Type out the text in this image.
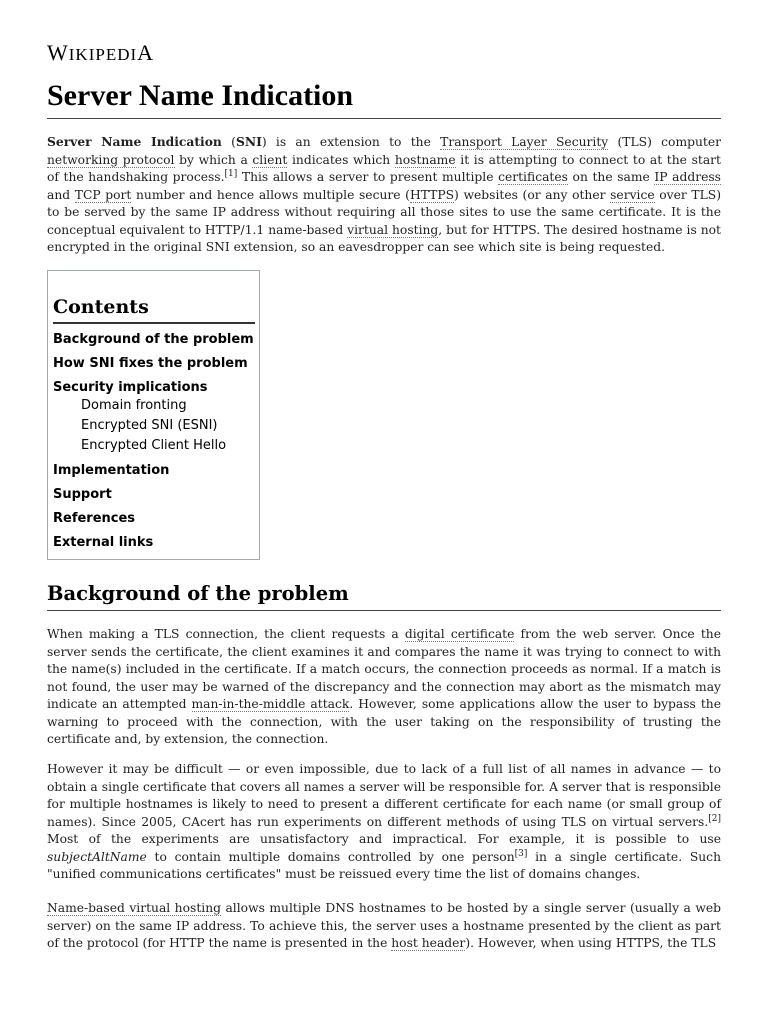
WIKIPEDIA
Server Name Indication

Server Name Indication (SNI) is an extension to the Transport Layer Security (TLS) computer networking protocol by which a client indicates which hostname it is attempting to connect to at the start of the handshaking process.[1] This allows a server to present multiple certificates on the same IP address and TCP port number and hence allows multiple secure (HTTPS) websites (or any other service over TLS) to be served by the same IP address without requiring all those sites to use the same certificate. It is the conceptual equivalent to HTTP/1.1 name-based virtual hosting, but for HTTPS. The desired hostname is not encrypted in the original SNI extension, so an eavesdropper can see which site is being requested.

Contents
Background of the problem
How SNI fixes the problem
Security implications
Domain fronting
Encrypted SNI (ESNI)
Encrypted Client Hello
Implementation
Support
References
External links
Background of the problem

When making a TLS connection, the client requests a digital certificate from the web server. Once the server sends the certificate, the client examines it and compares the name it was trying to connect to with the name(s) included in the certificate. If a match occurs, the connection proceeds as normal. If a match is not found, the user may be warned of the discrepancy and the connection may abort as the mismatch may indicate an attempted man-in-the-middle attack. However, some applications allow the user to bypass the warning to proceed with the connection, with the user taking on the responsibility of trusting the certificate and, by extension, the connection.

However it may be difficult — or even impossible, due to lack of a full list of all names in advance — to obtain a single certificate that covers all names a server will be responsible for. A server that is responsible for multiple hostnames is likely to need to present a different certificate for each name (or small group of names). Since 2005, CAcert has run experiments on different methods of using TLS on virtual servers.[2] Most of the experiments are unsatisfactory and impractical. For example, it is possible to use subjectAltName to contain multiple domains controlled by one person[3] in a single certificate. Such "unified communications certificates" must be reissued every time the list of domains changes.

Name-based virtual hosting allows multiple DNS hostnames to be hosted by a single server (usually a web server) on the same IP address. To achieve this, the server uses a hostname presented by the client as part of the protocol (for HTTP the name is presented in the host header). However, when using HTTPS, the TLS
